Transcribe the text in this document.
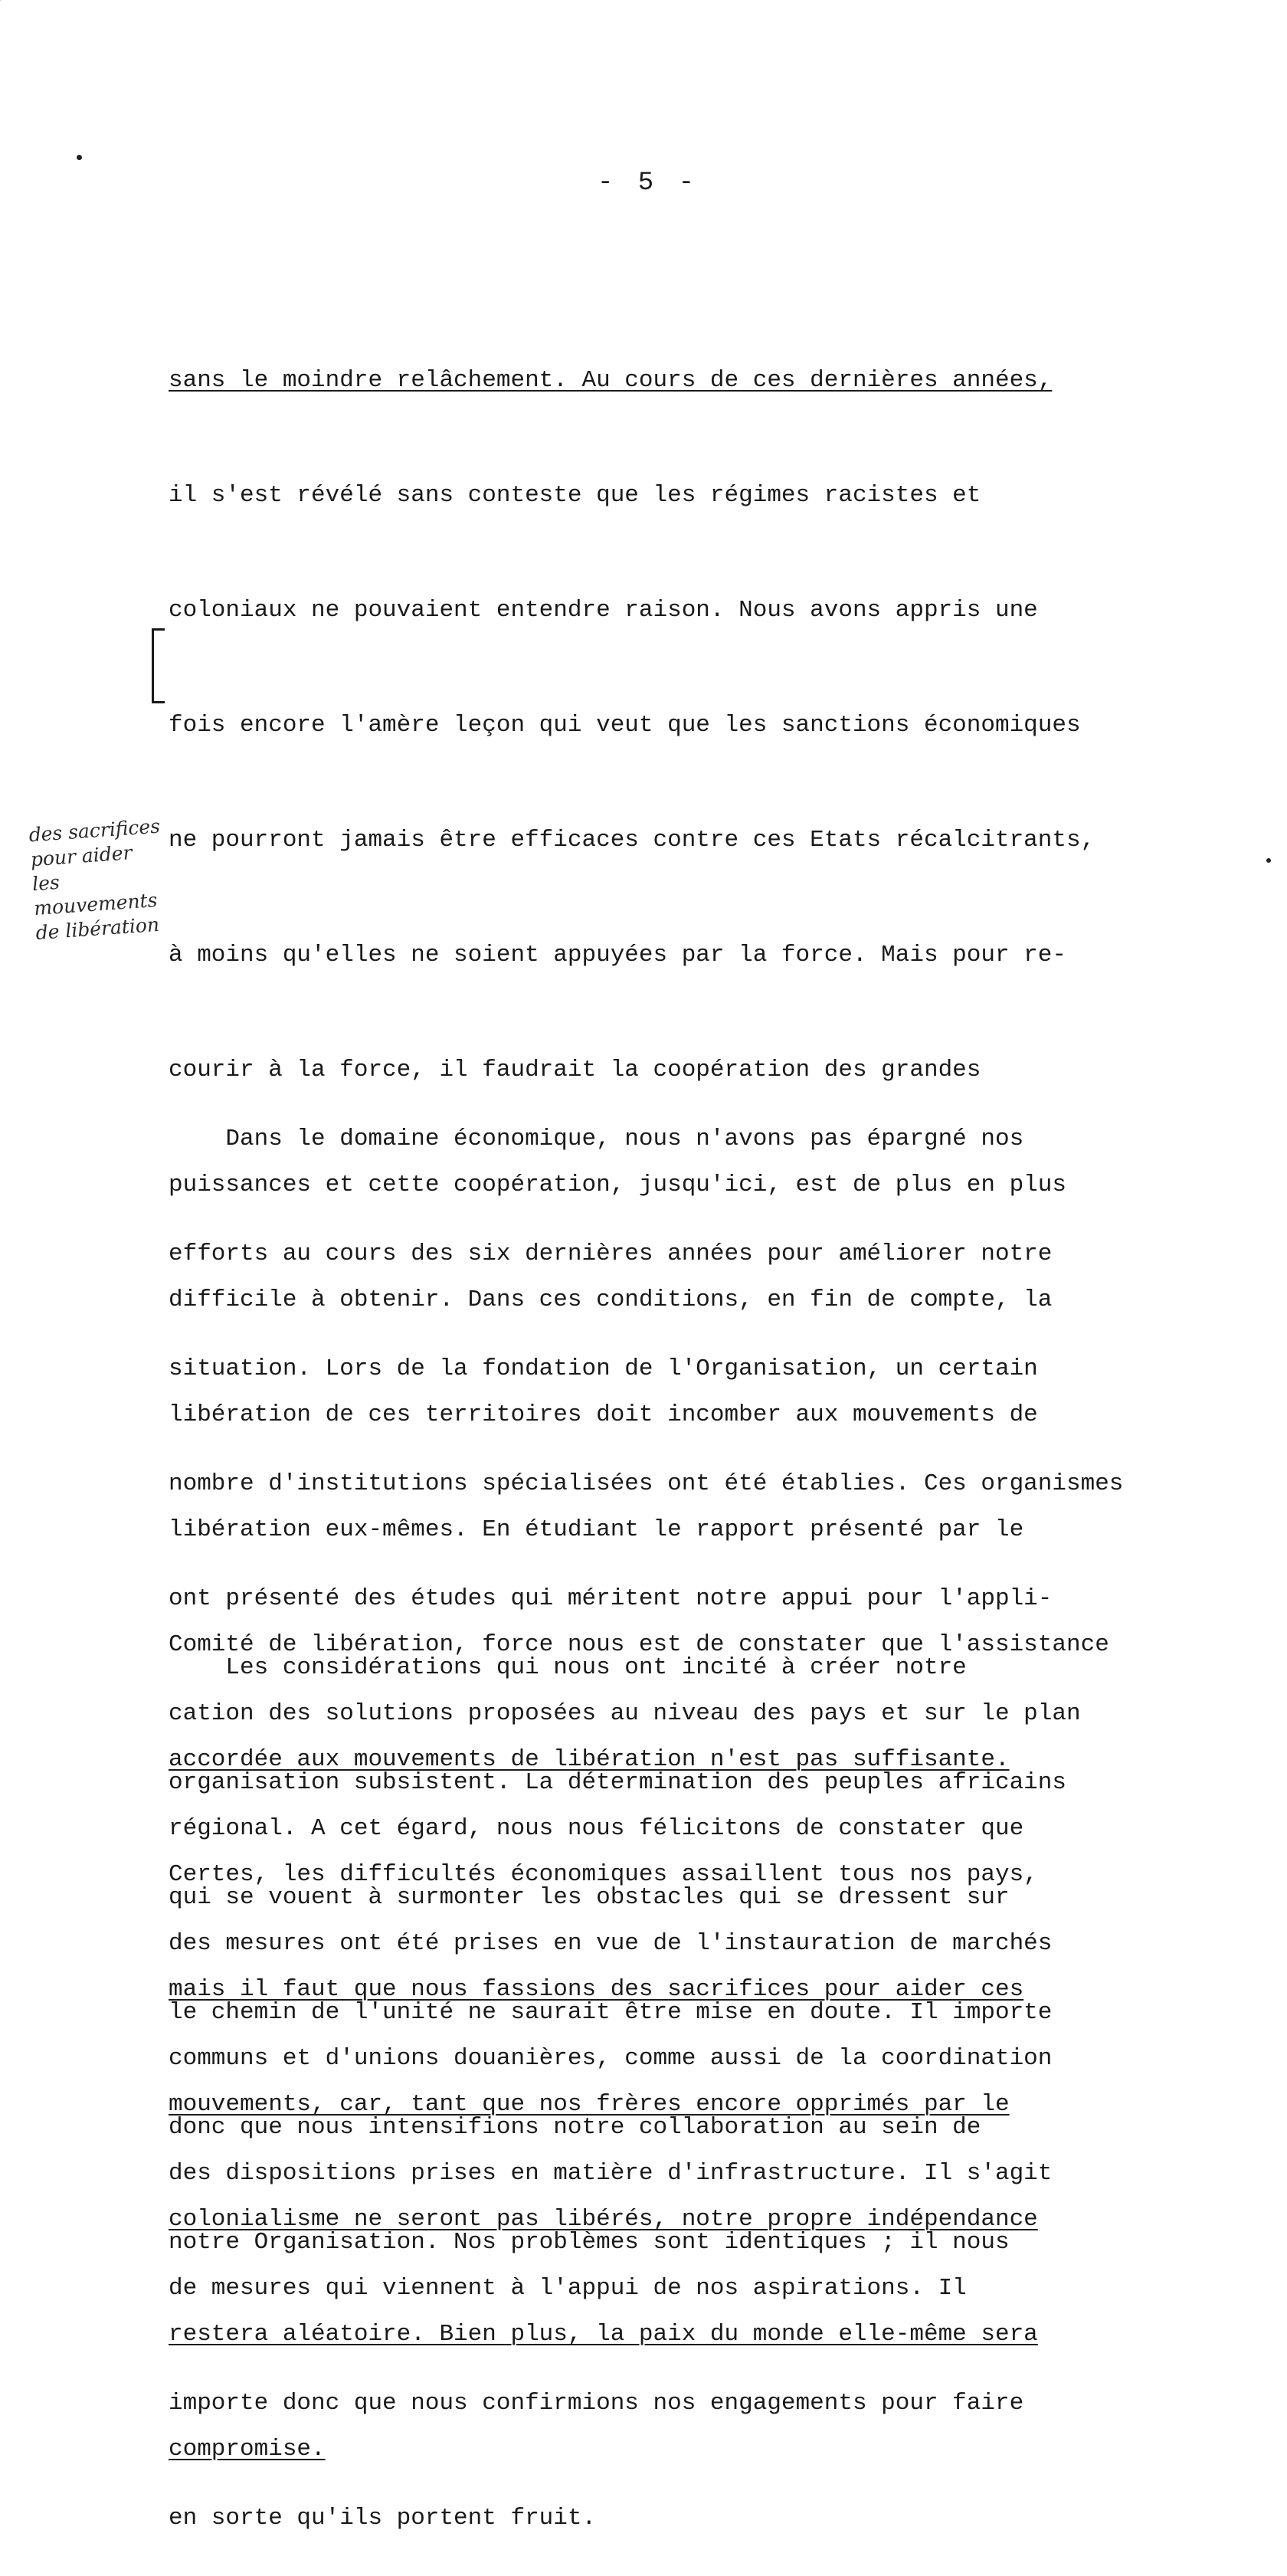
- 5 -
des sacrifices
pour aider
les mouvements
de libération

sans le moindre relâchement. Au cours de ces dernières années,

il s'est révélé sans conteste que les régimes racistes et

coloniaux ne pouvaient entendre raison. Nous avons appris une

fois encore l'amère leçon qui veut que les sanctions économiques

ne pourront jamais être efficaces contre ces Etats récalcitrants,

à moins qu'elles ne soient appuyées par la force. Mais pour re-

courir à la force, il faudrait la coopération des grandes

puissances et cette coopération, jusqu'ici, est de plus en plus

difficile à obtenir. Dans ces conditions, en fin de compte, la

libération de ces territoires doit incomber aux mouvements de

libération eux-mêmes. En étudiant le rapport présenté par le

Comité de libération, force nous est de constater que l'assistance

accordée aux mouvements de libération n'est pas suffisante.

Certes, les difficultés économiques assaillent tous nos pays,

mais il faut que nous fassions des sacrifices pour aider ces

mouvements, car, tant que nos frères encore opprimés par le

colonialisme ne seront pas libérés, notre propre indépendance

restera aléatoire. Bien plus, la paix du monde elle-même sera

compromise.

Dans le domaine économique, nous n'avons pas épargné nos

efforts au cours des six dernières années pour améliorer notre

situation. Lors de la fondation de l'Organisation, un certain

nombre d'institutions spécialisées ont été établies. Ces organismes

ont présenté des études qui méritent notre appui pour l'appli-

cation des solutions proposées au niveau des pays et sur le plan

régional. A cet égard, nous nous félicitons de constater que

des mesures ont été prises en vue de l'instauration de marchés

communs et d'unions douanières, comme aussi de la coordination

des dispositions prises en matière d'infrastructure. Il s'agit

de mesures qui viennent à l'appui de nos aspirations. Il

importe donc que nous confirmions nos engagements pour faire

en sorte qu'ils portent fruit.

Les considérations qui nous ont incité à créer notre

organisation subsistent. La détermination des peuples africains

qui se vouent à surmonter les obstacles qui se dressent sur

le chemin de l'unité ne saurait être mise en doute. Il importe

donc que nous intensifions notre collaboration au sein de

notre Organisation. Nos problèmes sont identiques ; il nous
